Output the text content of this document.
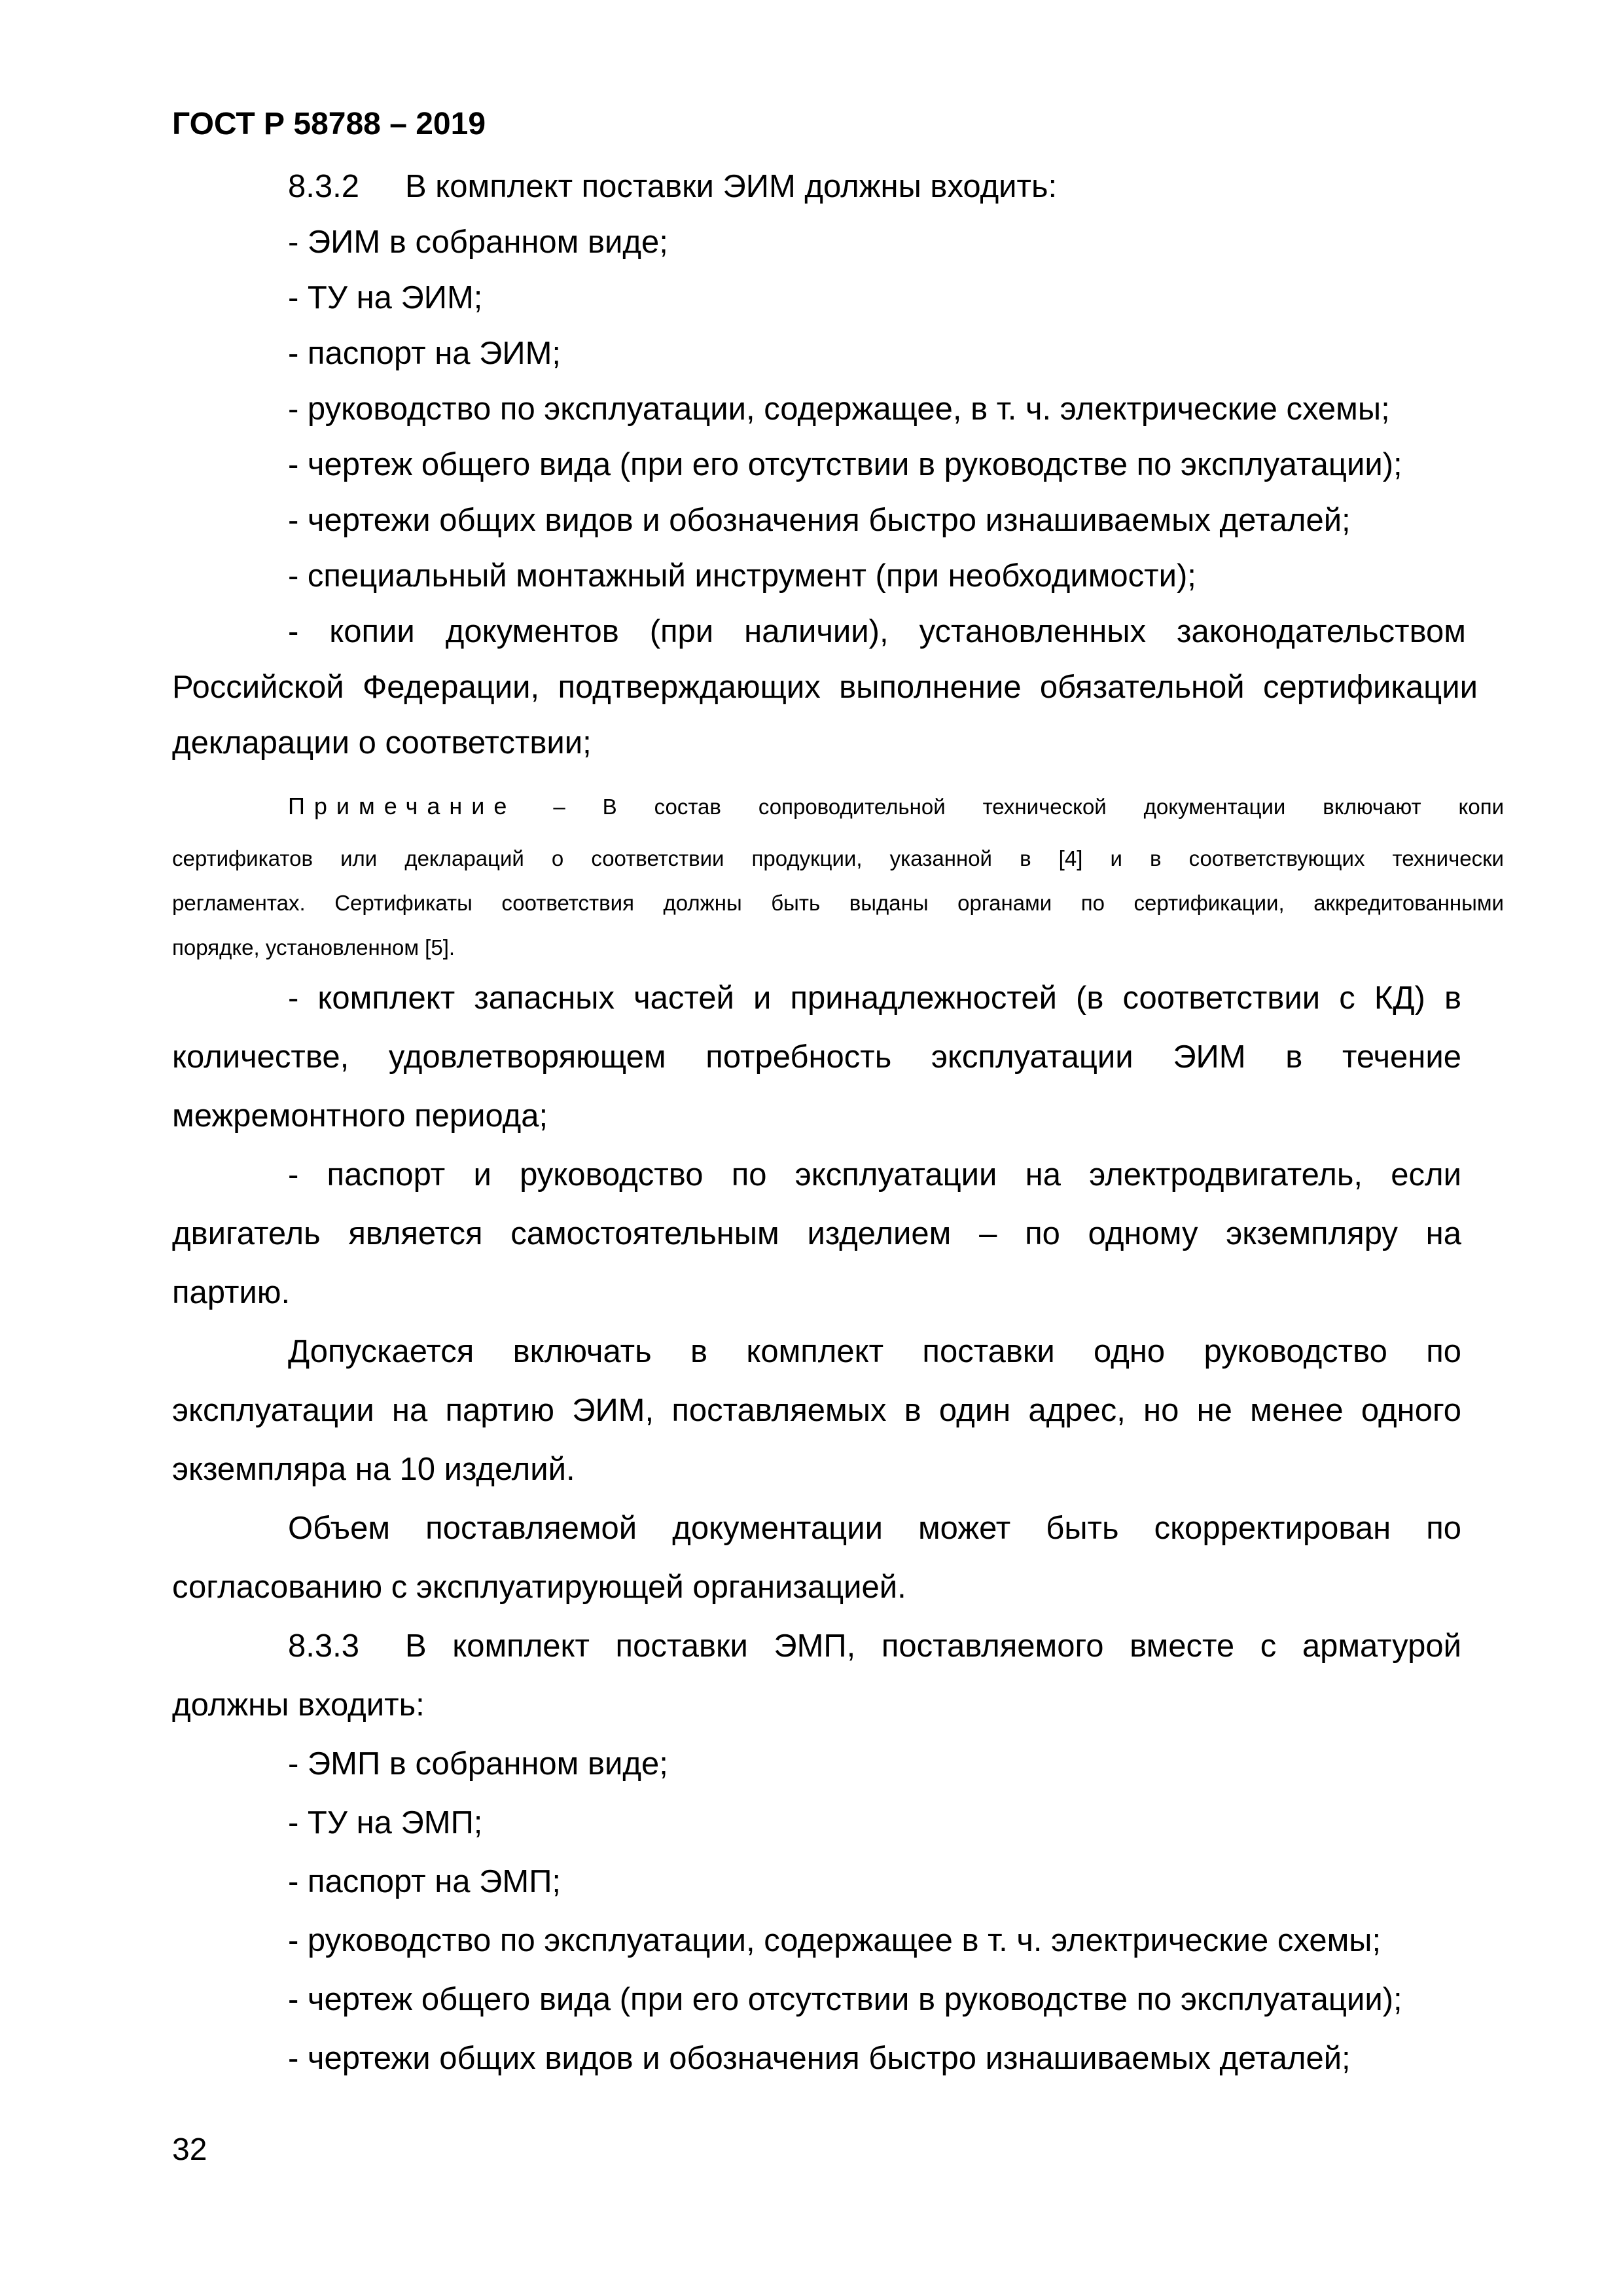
ГОСТ Р 58788 – 2019
8.3.2 В комплект поставки ЭИМ должны входить:
- ЭИМ в собранном виде;
- ТУ на ЭИМ;
- паспорт на ЭИМ;
- руководство по эксплуатации, содержащее, в т. ч. электрические схемы;
- чертеж общего вида (при его отсутствии в руководстве по эксплуатации);
- чертежи общих видов и обозначения быстро изнашиваемых деталей;
- специальный монтажный инструмент (при необходимости);
- копии документов (при наличии), установленных законодательством
Российской Федерации, подтверждающих выполнение обязательной сертификации
декларации о соответствии;
Примечание – В состав сопроводительной технической документации включают копи
сертификатов или деклараций о соответствии продукции, указанной в [4] и в соответствующих технически
регламентах. Сертификаты соответствия должны быть выданы органами по сертификации, аккредитованными
порядке, установленном [5].
- комплект запасных частей и принадлежностей (в соответствии с КД) в
количестве, удовлетворяющем потребность эксплуатации ЭИМ в течение
межремонтного периода;
- паспорт и руководство по эксплуатации на электродвигатель, если
двигатель является самостоятельным изделием – по одному экземпляру на
партию.
Допускается включать в комплект поставки одно руководство по
эксплуатации на партию ЭИМ, поставляемых в один адрес, но не менее одного
экземпляра на 10 изделий.
Объем поставляемой документации может быть скорректирован по
согласованию с эксплуатирующей организацией.
8.3.3 В комплект поставки ЭМП, поставляемого вместе с арматурой
должны входить:
- ЭМП в собранном виде;
- ТУ на ЭМП;
- паспорт на ЭМП;
- руководство по эксплуатации, содержащее в т. ч. электрические схемы;
- чертеж общего вида (при его отсутствии в руководстве по эксплуатации);
- чертежи общих видов и обозначения быстро изнашиваемых деталей;
32
